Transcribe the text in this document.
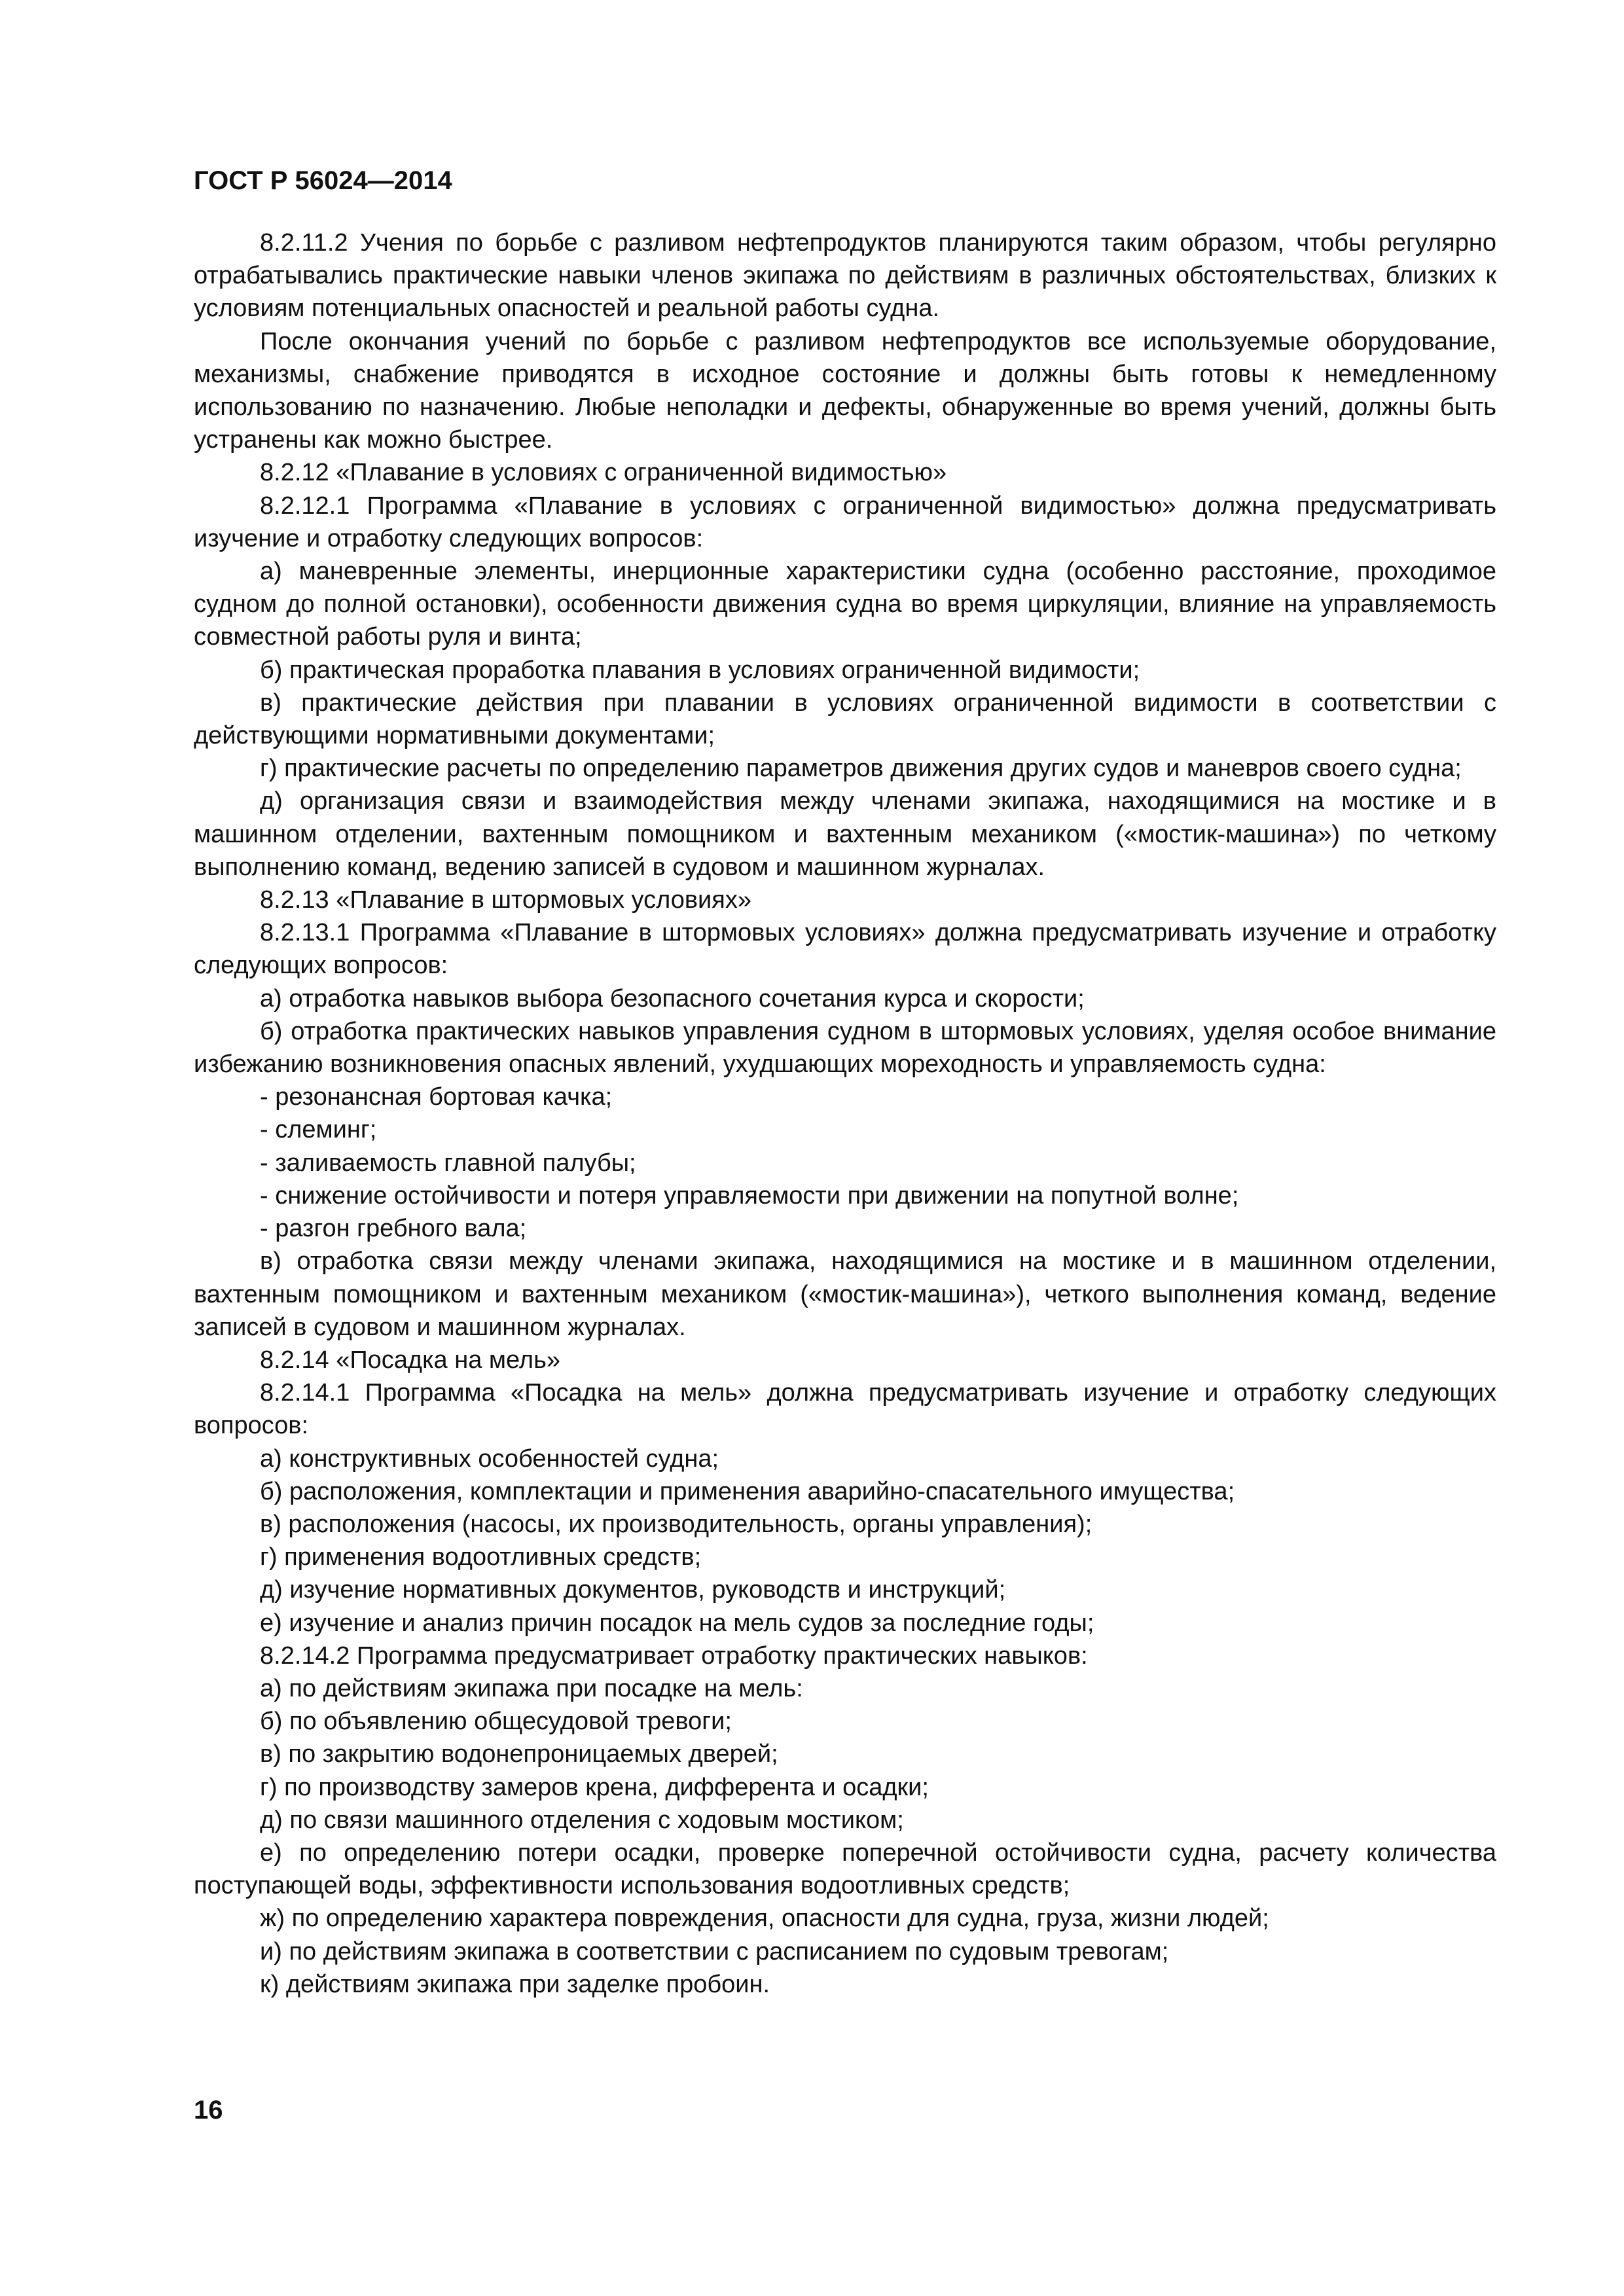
ГОСТ Р 56024—2014

8.2.11.2 Учения по борьбе с разливом нефтепродуктов планируются таким образом, чтобы регулярно отрабатывались практические навыки членов экипажа по действиям в различных обстоятельствах, близких к условиям потенциальных опасностей и реальной работы судна.

После окончания учений по борьбе с разливом нефтепродуктов все используемые оборудование, механизмы, снабжение приводятся в исходное состояние и должны быть готовы к немедленному использованию по назначению. Любые неполадки и дефекты, обнаруженные во время учений, должны быть устранены как можно быстрее.

8.2.12 «Плавание в условиях с ограниченной видимостью»

8.2.12.1 Программа «Плавание в условиях с ограниченной видимостью» должна предусматривать изучение и отработку следующих вопросов:

а) маневренные элементы, инерционные характеристики судна (особенно расстояние, проходимое судном до полной остановки), особенности движения судна во время циркуляции, влияние на управляемость совместной работы руля и винта;

б) практическая проработка плавания в условиях ограниченной видимости;

в) практические действия при плавании в условиях ограниченной видимости в соответствии с действующими нормативными документами;

г) практические расчеты по определению параметров движения других судов и маневров своего судна;

д) организация связи и взаимодействия между членами экипажа, находящимися на мостике и в машинном отделении, вахтенным помощником и вахтенным механиком («мостик-машина») по четкому выполнению команд, ведению записей в судовом и машинном журналах.

8.2.13 «Плавание в штормовых условиях»

8.2.13.1 Программа «Плавание в штормовых условиях» должна предусматривать изучение и отработку следующих вопросов:

а) отработка навыков выбора безопасного сочетания курса и скорости;

б) отработка практических навыков управления судном в штормовых условиях, уделяя особое внимание избежанию возникновения опасных явлений, ухудшающих мореходность и управляемость судна:

- резонансная бортовая качка;

- слеминг;

- заливаемость главной палубы;

- снижение остойчивости и потеря управляемости при движении на попутной волне;

- разгон гребного вала;

в) отработка связи между членами экипажа, находящимися на мостике и в машинном отделении, вахтенным помощником и вахтенным механиком («мостик-машина»), четкого выполнения команд, ведение записей в судовом и машинном журналах.

8.2.14 «Посадка на мель»

8.2.14.1 Программа «Посадка на мель» должна предусматривать изучение и отработку следующих вопросов:

а) конструктивных особенностей судна;

б) расположения, комплектации и применения аварийно-спасательного имущества;

в) расположения (насосы, их производительность, органы управления);

г) применения водоотливных средств;

д) изучение нормативных документов, руководств и инструкций;

е) изучение и анализ причин посадок на мель судов за последние годы;

8.2.14.2 Программа предусматривает отработку практических навыков:

а) по действиям экипажа при посадке на мель:

б) по объявлению общесудовой тревоги;

в) по закрытию водонепроницаемых дверей;

г) по производству замеров крена, дифферента и осадки;

д) по связи машинного отделения с ходовым мостиком;

е) по определению потери осадки, проверке поперечной остойчивости судна, расчету количества поступающей воды, эффективности использования водоотливных средств;

ж) по определению характера повреждения, опасности для судна, груза, жизни людей;

и) по действиям экипажа в соответствии с расписанием по судовым тревогам;

к) действиям экипажа при заделке пробоин.

16
